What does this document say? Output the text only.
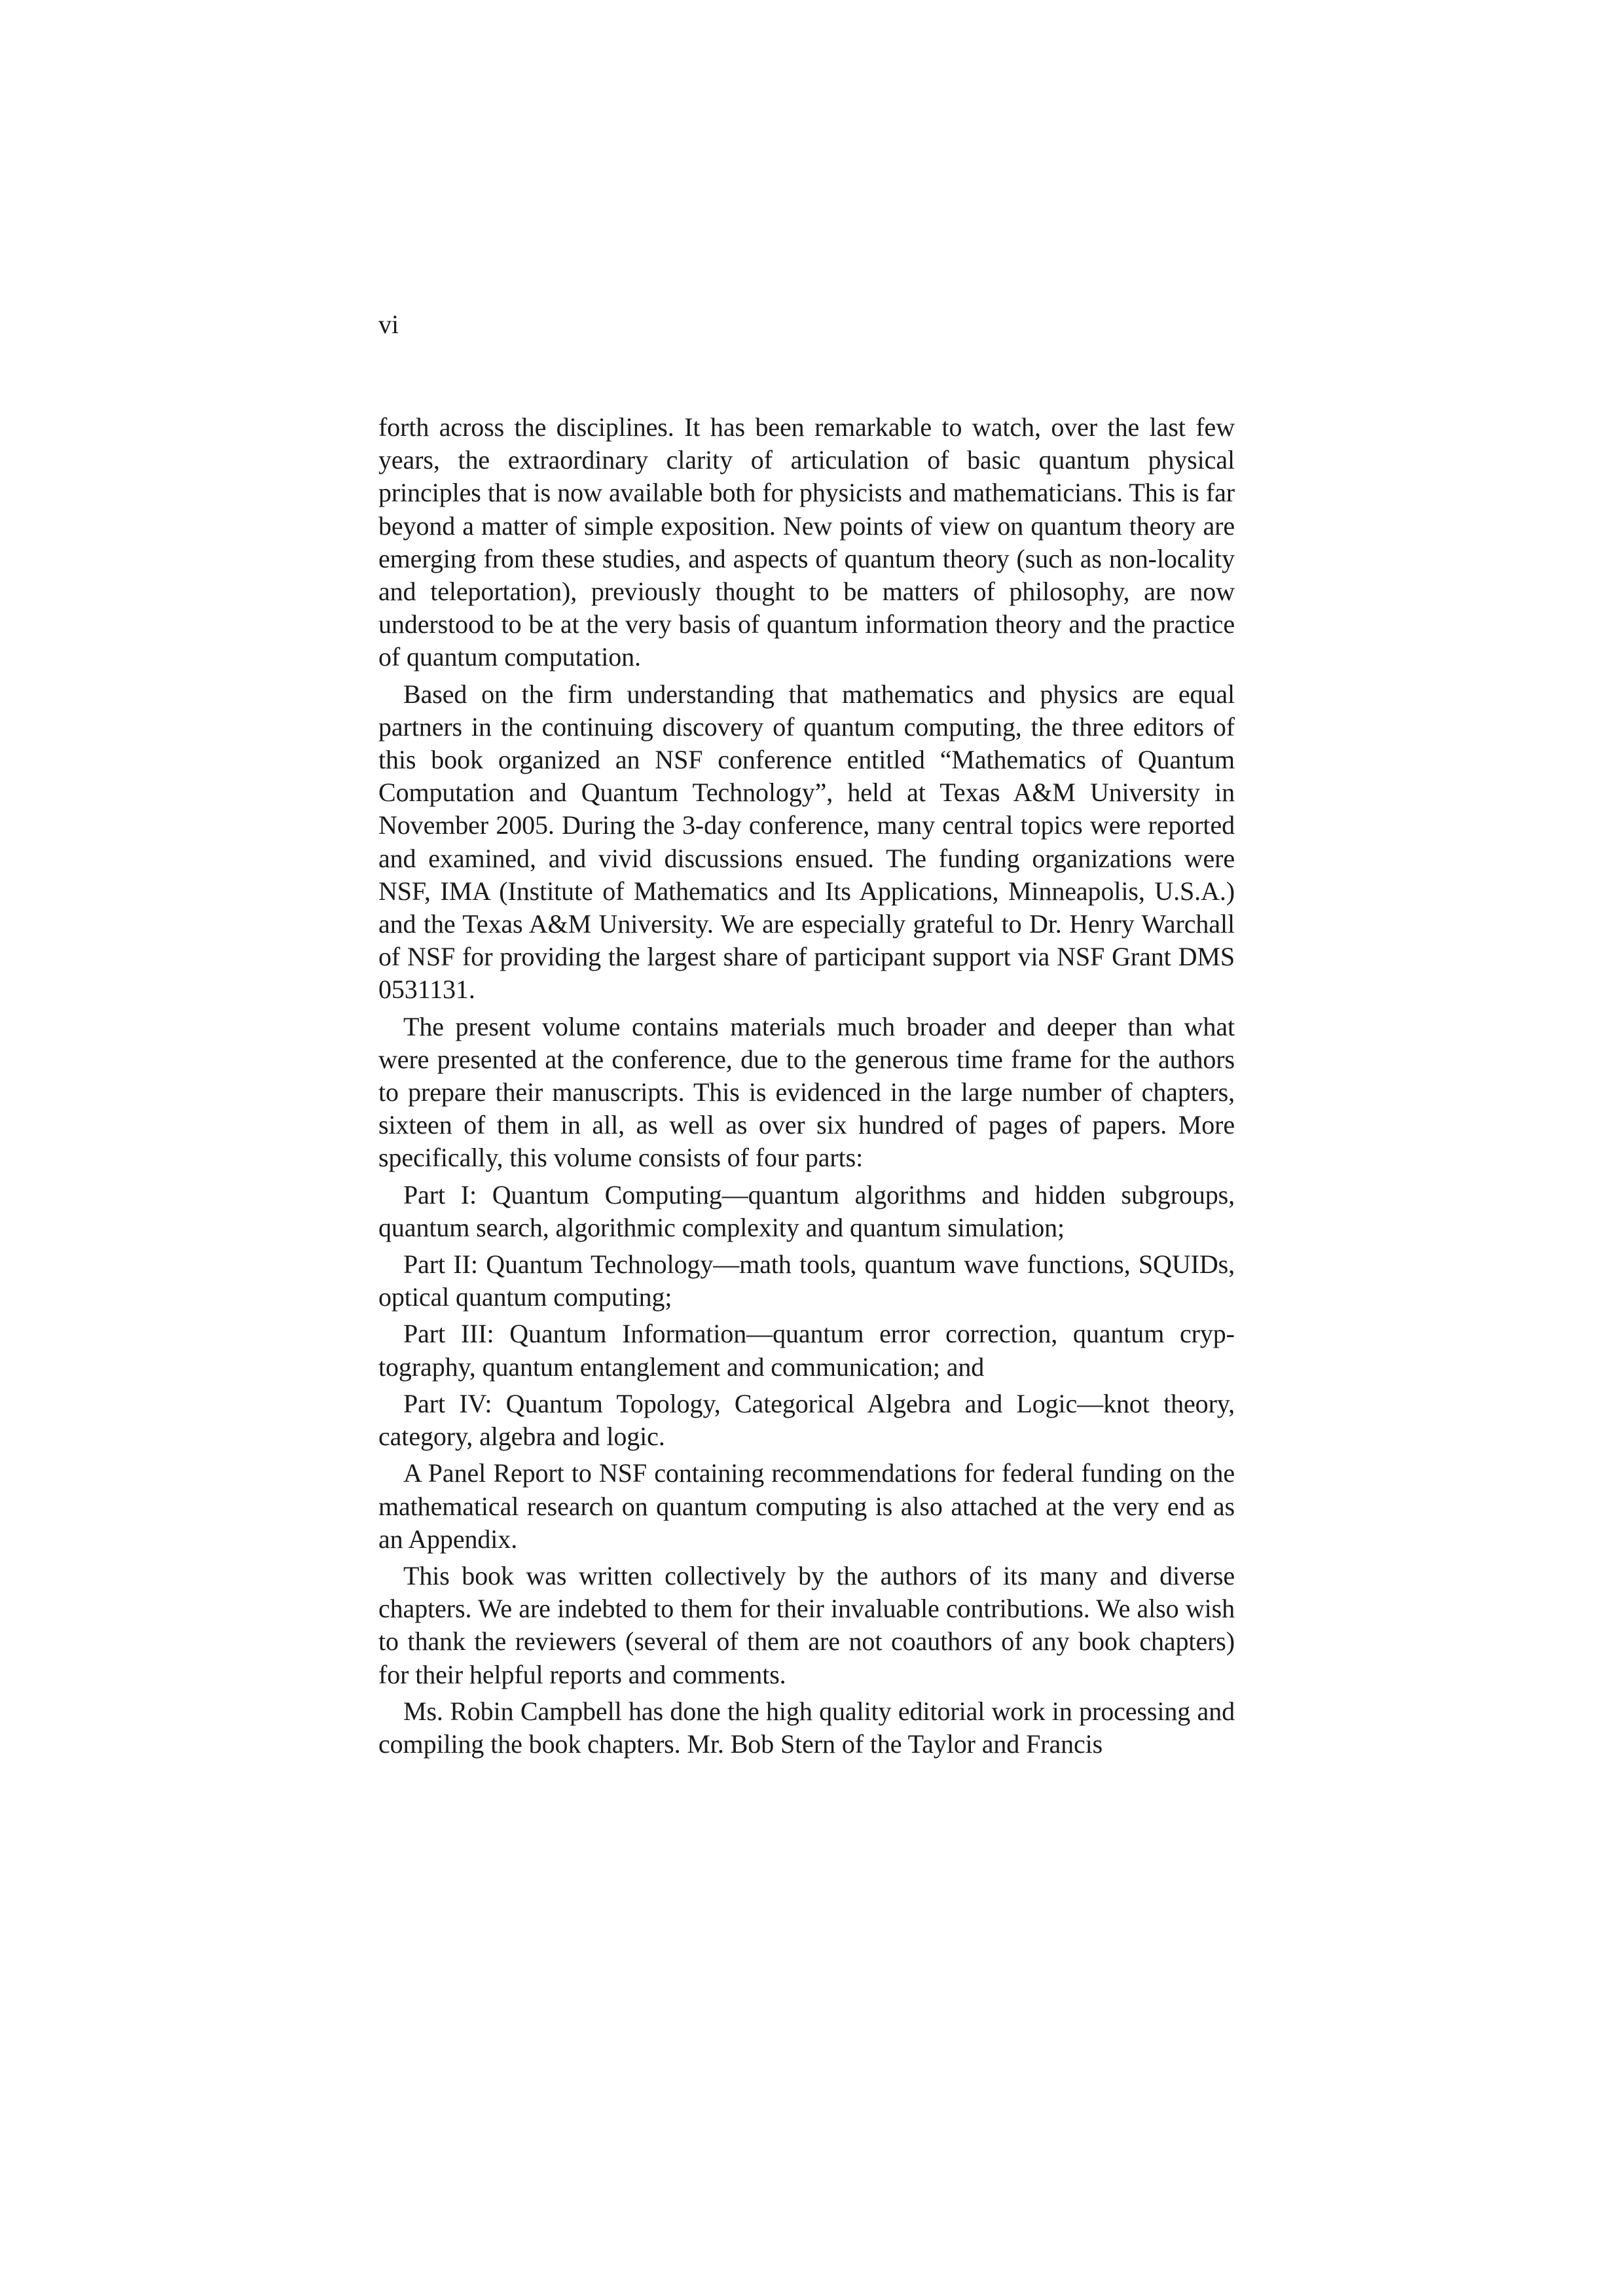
vi

forth across the disciplines. It has been remarkable to watch, over the last few years, the extraordinary clarity of articulation of basic quantum physical principles that is now available both for physicists and mathematicians. This is far beyond a matter of simple exposition. New points of view on quantum theory are emerging from these studies, and aspects of quantum theory (such as non-locality and teleportation), previously thought to be matters of philosophy, are now understood to be at the very basis of quantum information theory and the practice of quantum computation.

Based on the firm understanding that mathematics and physics are equal partners in the continuing discovery of quantum computing, the three editors of this book organized an NSF conference entitled “Mathematics of Quantum Computation and Quantum Technology”, held at Texas A&M University in November 2005. During the 3-day conference, many central topics were reported and examined, and vivid discussions ensued. The funding organizations were NSF, IMA (Institute of Mathematics and Its Applications, Minneapolis, U.S.A.) and the Texas A&M University. We are especially grateful to Dr. Henry Warchall of NSF for providing the largest share of participant support via NSF Grant DMS 0531131.

The present volume contains materials much broader and deeper than what were presented at the conference, due to the generous time frame for the authors to prepare their manuscripts. This is evidenced in the large number of chapters, sixteen of them in all, as well as over six hundred of pages of papers. More specifically, this volume consists of four parts:

Part I: Quantum Computing—quantum algorithms and hidden subgroups, quantum search, algorithmic complexity and quantum simulation;

Part II: Quantum Technology—math tools, quantum wave functions, SQUIDs, optical quantum computing;

Part III: Quantum Information—quantum error correction, quantum cryptography, quantum entanglement and communication; and

Part IV: Quantum Topology, Categorical Algebra and Logic—knot theory, category, algebra and logic.

A Panel Report to NSF containing recommendations for federal funding on the mathematical research on quantum computing is also attached at the very end as an Appendix.

This book was written collectively by the authors of its many and diverse chapters. We are indebted to them for their invaluable contributions. We also wish to thank the reviewers (several of them are not coauthors of any book chapters) for their helpful reports and comments.

Ms. Robin Campbell has done the high quality editorial work in processing and compiling the book chapters. Mr. Bob Stern of the Taylor and Francis
